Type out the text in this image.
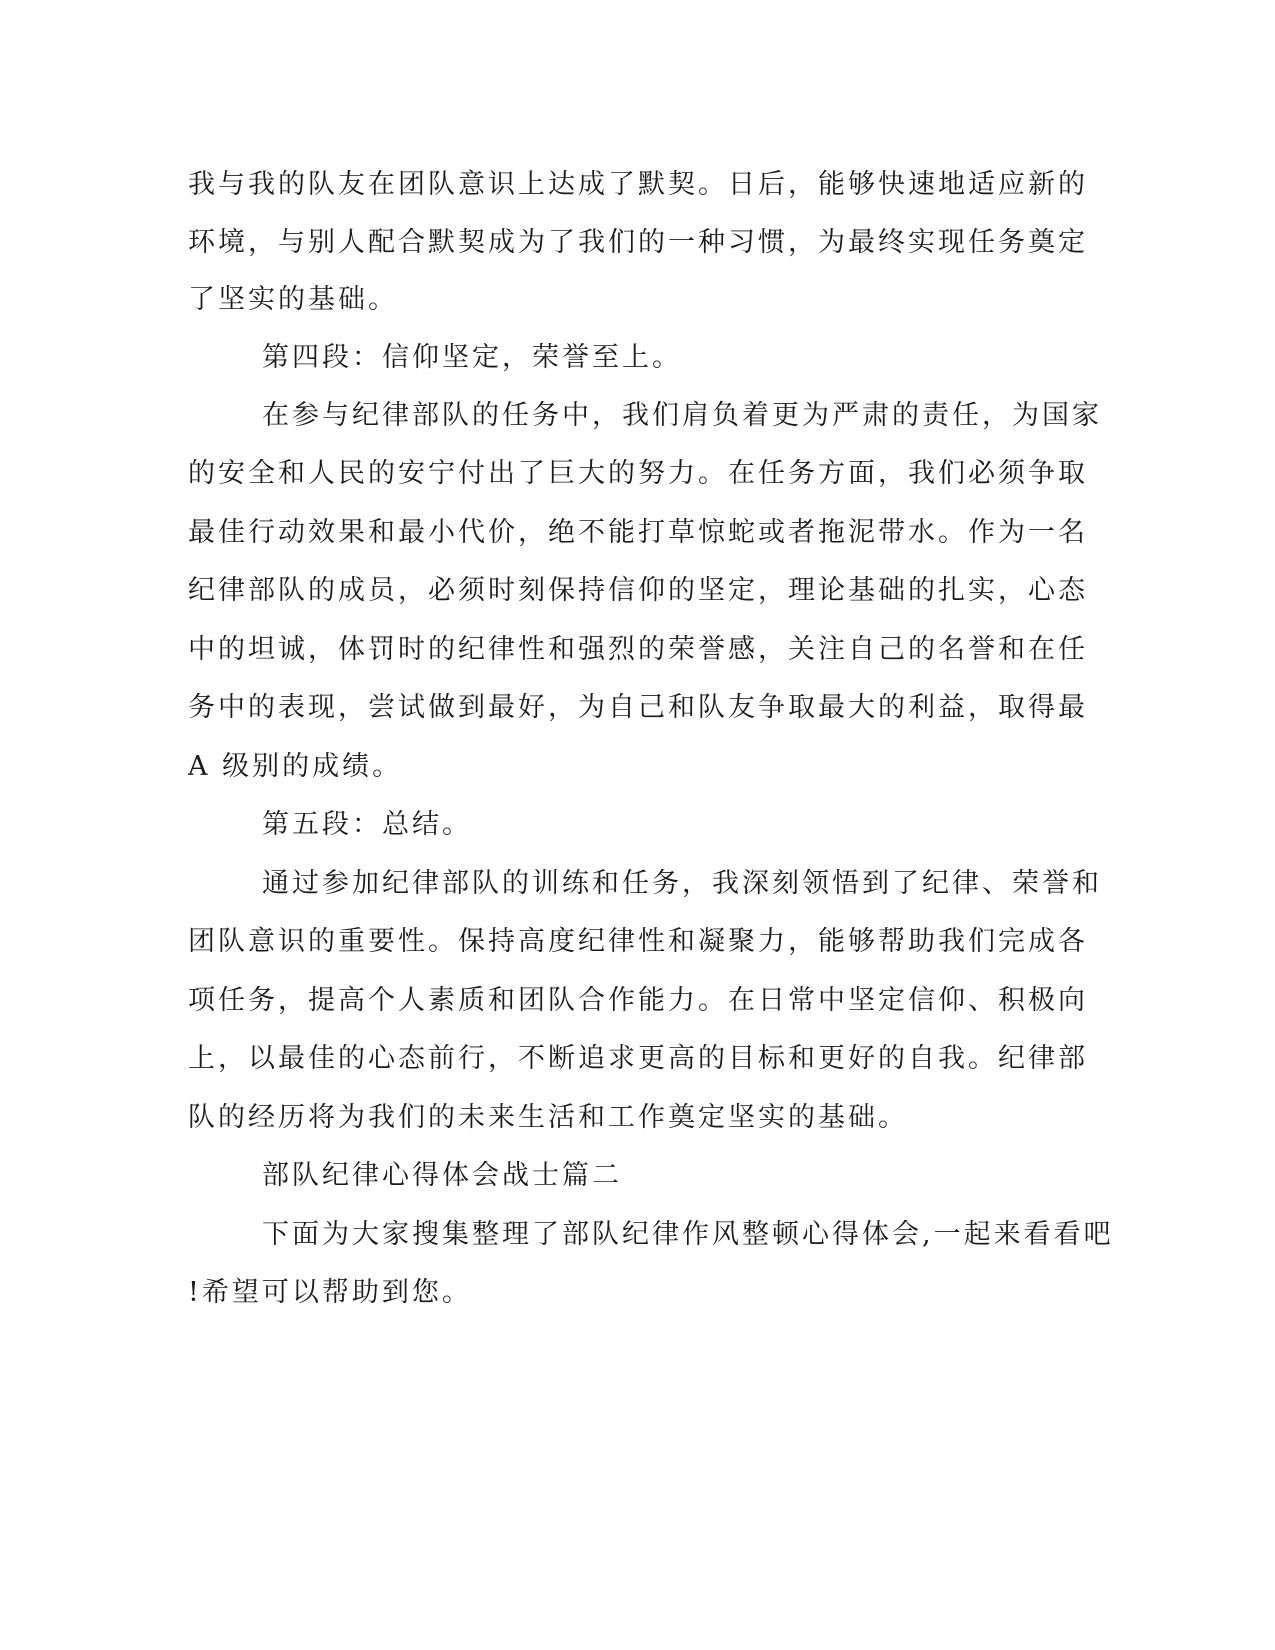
我与我的队友在团队意识上达成了默契。日后，能够快速地适应新的

环境，与别人配合默契成为了我们的一种习惯，为最终实现任务奠定

了坚实的基础。

第四段：信仰坚定，荣誉至上。

在参与纪律部队的任务中，我们肩负着更为严肃的责任，为国家

的安全和人民的安宁付出了巨大的努力。在任务方面，我们必须争取

最佳行动效果和最小代价，绝不能打草惊蛇或者拖泥带水。作为一名

纪律部队的成员，必须时刻保持信仰的坚定，理论基础的扎实，心态

中的坦诚，体罚时的纪律性和强烈的荣誉感，关注自己的名誉和在任

务中的表现，尝试做到最好，为自己和队友争取最大的利益，取得最

A 级别的成绩。

第五段：总结。

通过参加纪律部队的训练和任务，我深刻领悟到了纪律、荣誉和

团队意识的重要性。保持高度纪律性和凝聚力，能够帮助我们完成各

项任务，提高个人素质和团队合作能力。在日常中坚定信仰、积极向

上，以最佳的心态前行，不断追求更高的目标和更好的自我。纪律部

队的经历将为我们的未来生活和工作奠定坚实的基础。

部队纪律心得体会战士篇二

下面为大家搜集整理了部队纪律作风整顿心得体会,一起来看看吧

!希望可以帮助到您。
